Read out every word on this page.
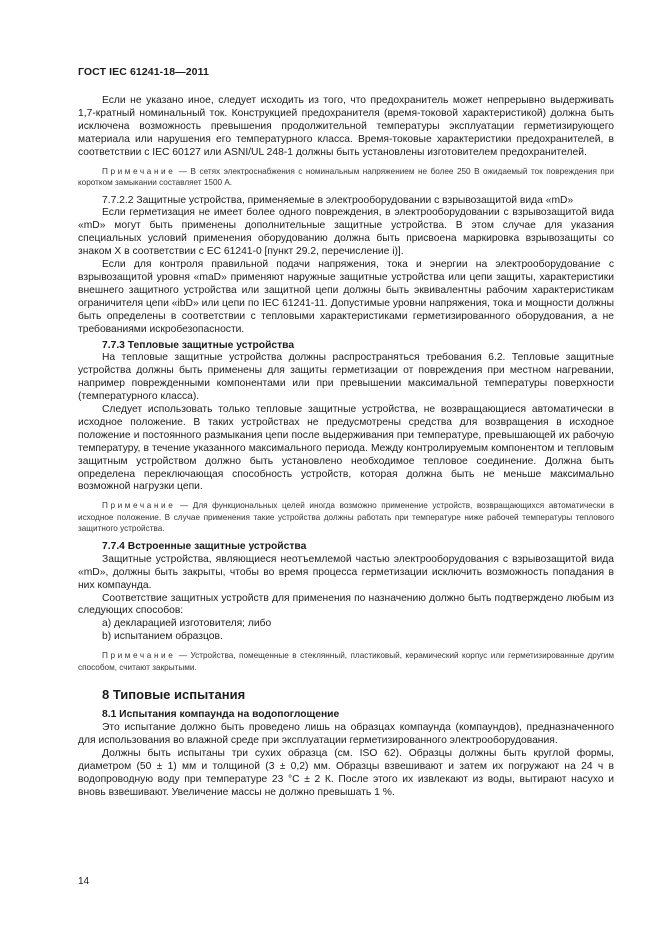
ГОСТ IEC 61241-18—2011

Если не указано иное, следует исходить из того, что предохранитель может непрерывно выдерживать 1,7-кратный номинальный ток. Конструкцией предохранителя (время-токовой характеристикой) должна быть исключена возможность превышения продолжительной температуры эксплуатации герметизирующего материала или нарушения его температурного класса. Время-токовые характеристики предохранителей, в соответствии с IEC 60127 или ASNI/UL 248-1 должны быть установлены изготовителем предохранителей.

Примечание — В сетях электроснабжения с номинальным напряжением не более 250 В ожидаемый ток повреждения при коротком замыкании составляет 1500 А.

7.7.2.2 Защитные устройства, применяемые в электрооборудовании с взрывозащитой вида «mD»

Если герметизация не имеет более одного повреждения, в электрооборудовании с взрывозащитой вида «mD» могут быть применены дополнительные защитные устройства. В этом случае для указания специальных условий применения оборудованию должна быть присвоена маркировка взрывозащиты со знаком X в соответствии с ЕС 61241-0 [пункт 29.2, перечисление i)].

Если для контроля правильной подачи напряжения, тока и энергии на электрооборудование с взрывозащитой уровня «maD» применяют наружные защитные устройства или цепи защиты, характеристики внешнего защитного устройства или защитной цепи должны быть эквивалентны рабочим характеристикам ограничителя цепи «ibD» или цепи по IEC 61241-11. Допустимые уровни напряжения, тока и мощности должны быть определены в соответствии с тепловыми характеристиками герметизированного оборудования, а не требованиями искробезопасности.

7.7.3 Тепловые защитные устройства

На тепловые защитные устройства должны распространяться требования 6.2. Тепловые защитные устройства должны быть применены для защиты герметизации от повреждения при местном нагревании, например поврежденными компонентами или при превышении максимальной температуры поверхности (температурного класса).

Следует использовать только тепловые защитные устройства, не возвращающиеся автоматически в исходное положение. В таких устройствах не предусмотрены средства для возвращения в исходное положение и постоянного размыкания цепи после выдерживания при температуре, превышающей их рабочую температуру, в течение указанного максимального периода. Между контролируемым компонентом и тепловым защитным устройством должно быть установлено необходимое тепловое соединение. Должна быть определена переключающая способность устройств, которая должна быть не меньше максимально возможной нагрузки цепи.

Примечание — Для функциональных целей иногда возможно применение устройств, возвращающихся автоматически в исходное положение. В случае применения такие устройства должны работать при температуре ниже рабочей температуры теплового защитного устройства.
7.7.4 Встроенные защитные устройства

Защитные устройства, являющиеся неотъемлемой частью электрооборудования с взрывозащитой вида «mD», должны быть закрыты, чтобы во время процесса герметизации исключить возможность попадания в них компаунда.

Соответствие защитных устройств для применения по назначению должно быть подтверждено любым из следующих способов:

a) декларацией изготовителя; либо
b) испытанием образцов.
Примечание — Устройства, помещенные в стеклянный, пластиковый, керамический корпус или герметизированные другим способом, считают закрытыми.
8 Типовые испытания
8.1 Испытания компаунда на водопоглощение

Это испытание должно быть проведено лишь на образцах компаунда (компаундов), предназначенного для использования во влажной среде при эксплуатации герметизированного электрооборудования.

Должны быть испытаны три сухих образца (см. ISO 62). Образцы должны быть круглой формы, диаметром (50 ± 1) мм и толщиной (3 ± 0,2) мм. Образцы взвешивают и затем их погружают на 24 ч в водопроводную воду при температуре 23 °C ± 2 К. После этого их извлекают из воды, вытирают насухо и вновь взвешивают. Увеличение массы не должно превышать 1 %.

14
